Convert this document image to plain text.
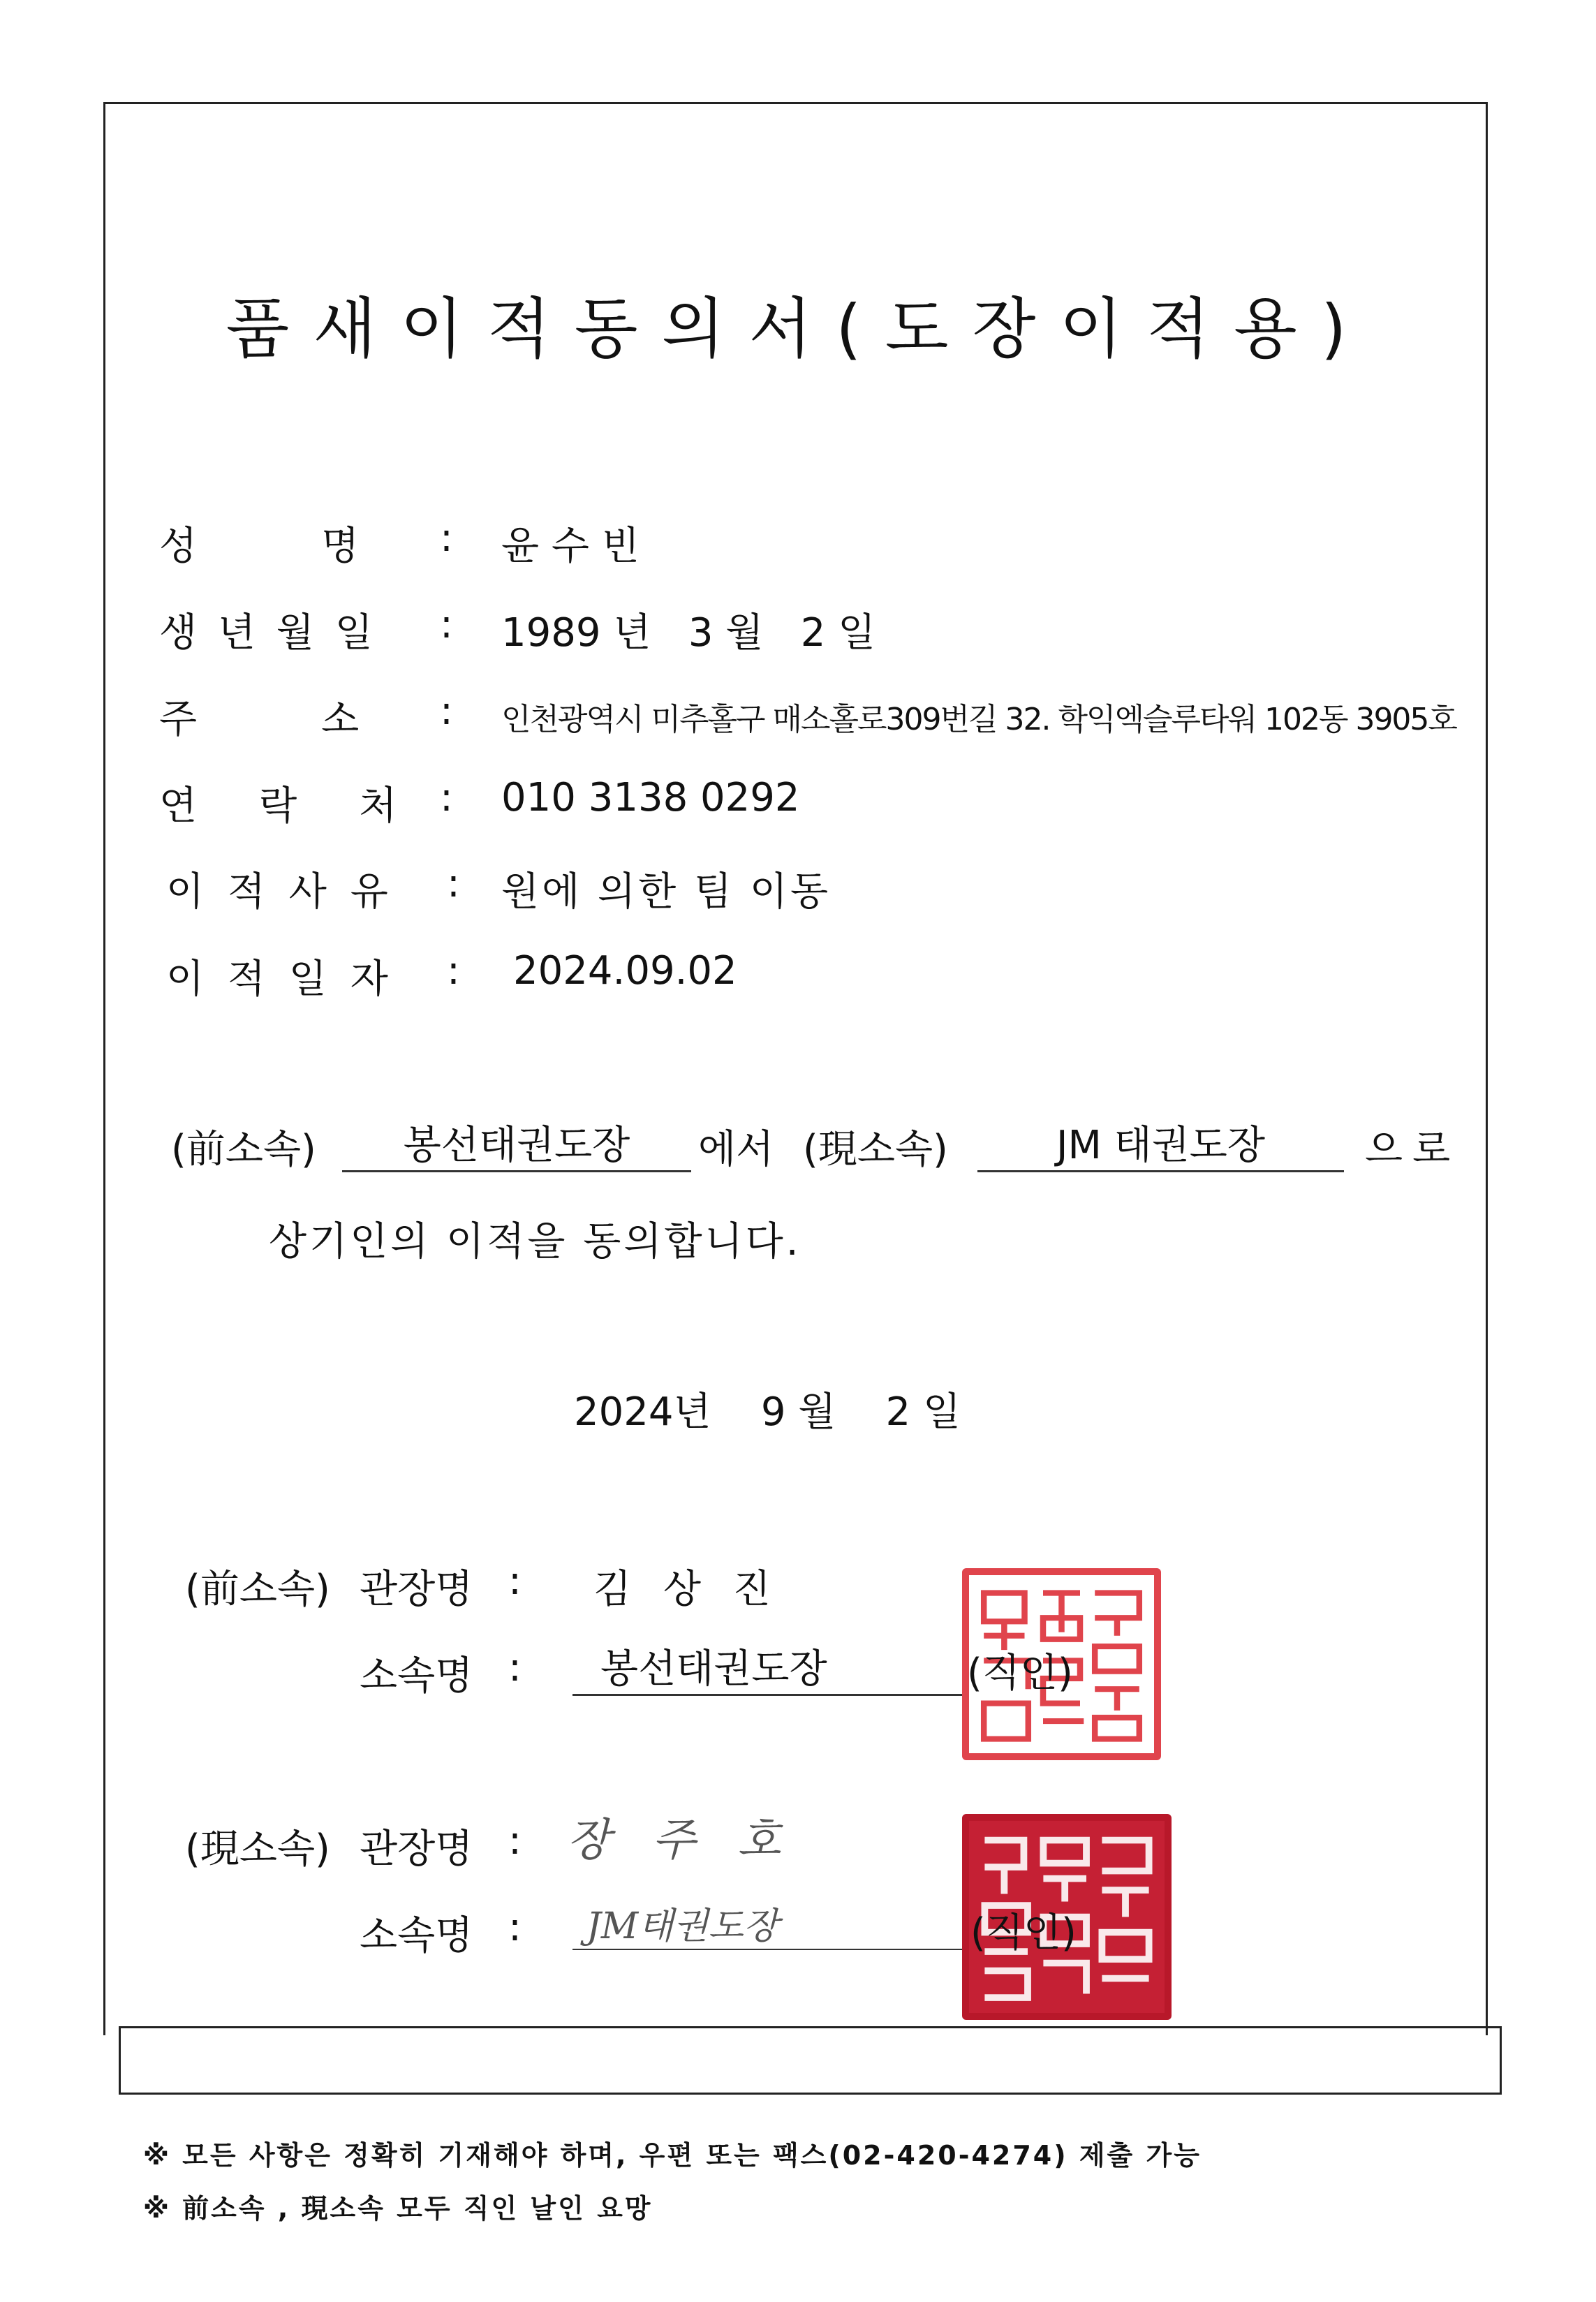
품새이적동의서(도장이적용)
성          명 : 윤 수 빈
생 년 월 일 : 1989 년   3 월   2 일
주          소 : 인천광역시 미추홀구 매소홀로309번길 32. 학익엑슬루타워 102동 3905호
연     락     처 : 010 3138 0292
이 적 사 유 : 원에 의한 팀 이동
이 적 일 자 : 2024.09.02
(前소속)	봉선태권도장	에서 (現소속)	JM 태권도장	으로
상기인의 이적을 동의합니다.
2024년    9 월    2 일
(前소속) 관장명 : 김 상 진
소속명 :	봉선태권도장	(직인)
(現소속) 관장명 : 장 주 호
소속명 :	JM태권도장	(직인)
※ 모든 사항은 정확히 기재해야 하며, 우편 또는 팩스(02-420-4274) 제출 가능
※ 前소속 , 現소속 모두 직인 날인 요망
